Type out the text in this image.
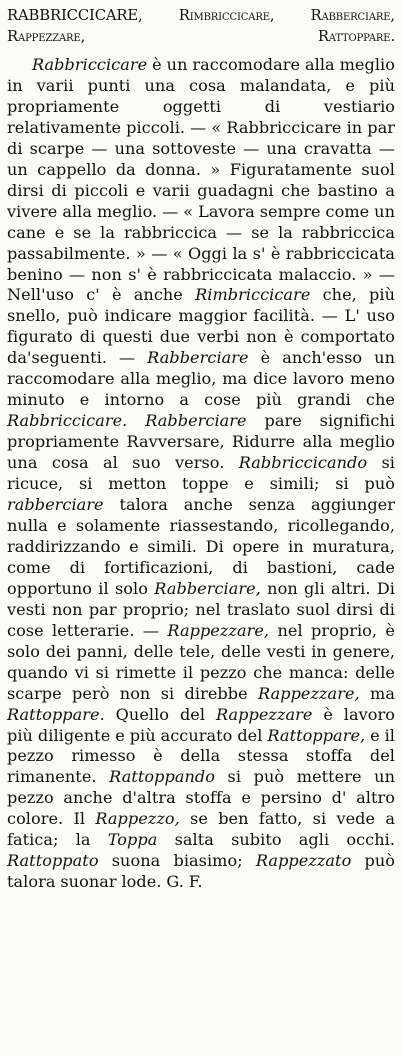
RABBRICCICARE, Rimbriccicare, Rabberciare, Rappezzare, Rattoppare.

Rabbriccicare è un raccomodare alla meglio in varii punti una cosa malandata, e più propriamente oggetti di vestiario relativamente piccoli. — « Rabbriccicare in par di scarpe — una sottoveste — una cravatta — un cappello da donna. » Figuratamente suol dirsi di piccoli e varii guadagni che bastino a vivere alla meglio. — « Lavora sempre come un cane e se la rabbriccica — se la rabbriccica passabilmente. » — « Oggi la s' è rabbriccicata benino — non s' è rabbriccicata malaccio. » — Nell'uso c' è anche Rimbriccicare che, più snello, può indicare maggior facilità. — L' uso figurato di questi due verbi non è comportato da'seguenti. — Rabberciare è anch'esso un raccomodare alla meglio, ma dice lavoro meno minuto e intorno a cose più grandi che Rabbriccicare. Rabberciare pare significhi propriamente Ravversare, Ridurre alla meglio una cosa al suo verso. Rabbriccicando si ricuce, si metton toppe e simili; si può rabberciare talora anche senza aggiunger nulla e solamente riassestando, ricollegando, raddirizzando e simili. Di opere in muratura, come di fortificazioni, di bastioni, cade opportuno il solo Rabberciare, non gli altri. Di vesti non par proprio; nel traslato suol dirsi di cose letterarie. — Rappezzare, nel proprio, è solo dei panni, delle tele, delle vesti in genere, quando vi si rimette il pezzo che manca: delle scarpe però non si direbbe Rappezzare, ma Rattoppare. Quello del Rappezzare è lavoro più diligente e più accurato del Rattoppare, e il pezzo rimesso è della stessa stoffa del rimanente. Rattoppando si può mettere un pezzo anche d'altra stoffa e persino d' altro colore. Il Rappezzo, se ben fatto, si vede a fatica; la Toppa salta subito agli occhi. Rattoppato suona biasimo; Rappezzato può talora suonar lode. G. F.
